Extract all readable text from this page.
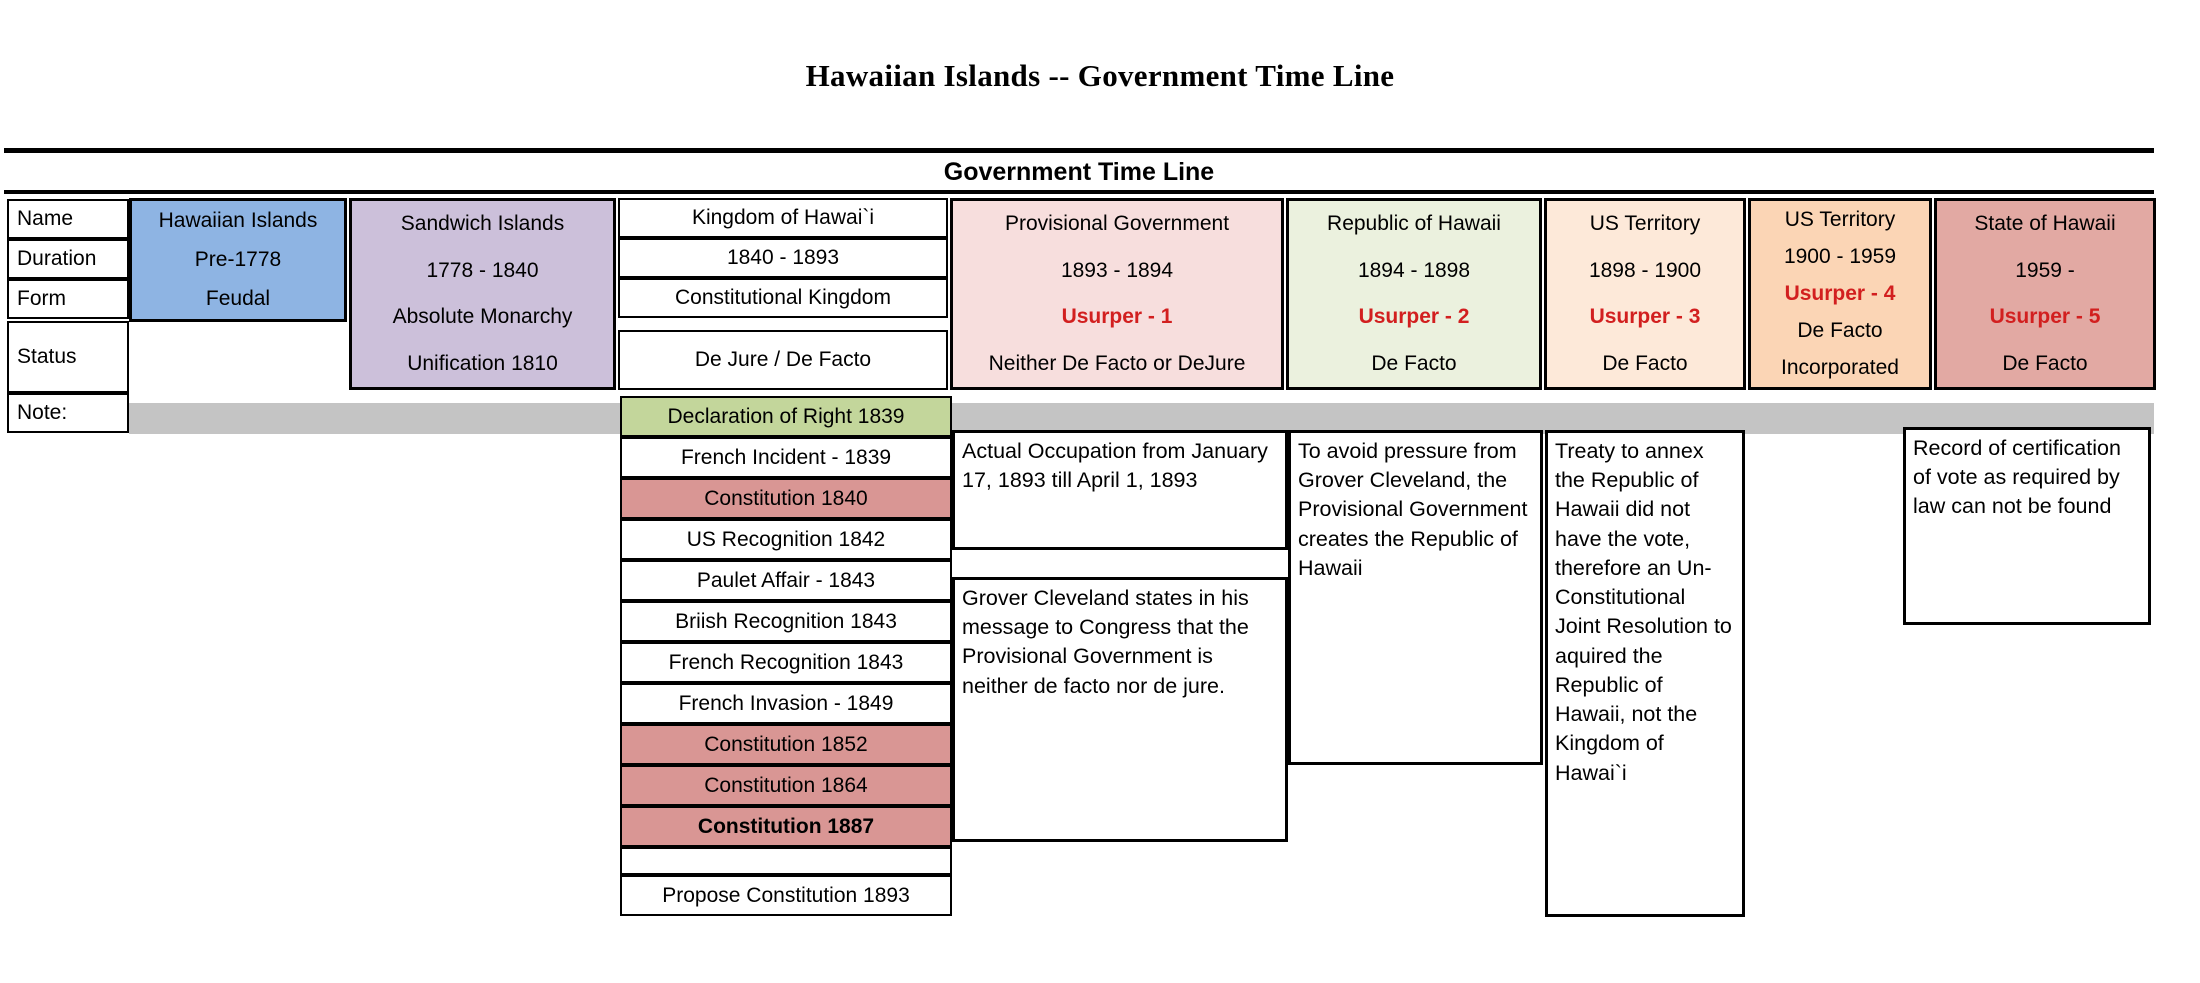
Hawaiian Islands -- Government Time Line
Government Time Line
Name
Duration
Form
Status
Note:
Hawaiian Islands
Pre-1778
Feudal
Sandwich Islands
1778 - 1840
Absolute Monarchy
Unification 1810
Kingdom of Hawai`i
1840 - 1893
Constitutional Kingdom
De Jure / De Facto
Provisional Government
1893 - 1894
Usurper - 1
Neither De Facto or DeJure
Republic of Hawaii
1894 - 1898
Usurper - 2
De Facto
US Territory
1898 - 1900
Usurper - 3
De Facto
US Territory
1900 - 1959
Usurper - 4
De Facto
Incorporated
State of Hawaii
1959 -
Usurper - 5
De Facto
Declaration of Right 1839
French Incident - 1839
Constitution 1840
US Recognition 1842
Paulet Affair - 1843
Briish Recognition 1843
French Recognition 1843
French Invasion - 1849
Constitution 1852
Constitution 1864
Constitution 1887
Propose Constitution 1893
Actual Occupation from January 17, 1893 till April 1, 1893
Grover Cleveland states in his message to Congress that the Provisional Government is neither de facto nor de jure.
To avoid pressure from Grover Cleveland, the Provisional Government creates the Republic of Hawaii
Treaty to annex the Republic of Hawaii did not have the vote, therefore an Un-Constitutional Joint Resolution to aquired the Republic of Hawaii, not the Kingdom of Hawai`i
Record of certification of vote as required by law can not be found
